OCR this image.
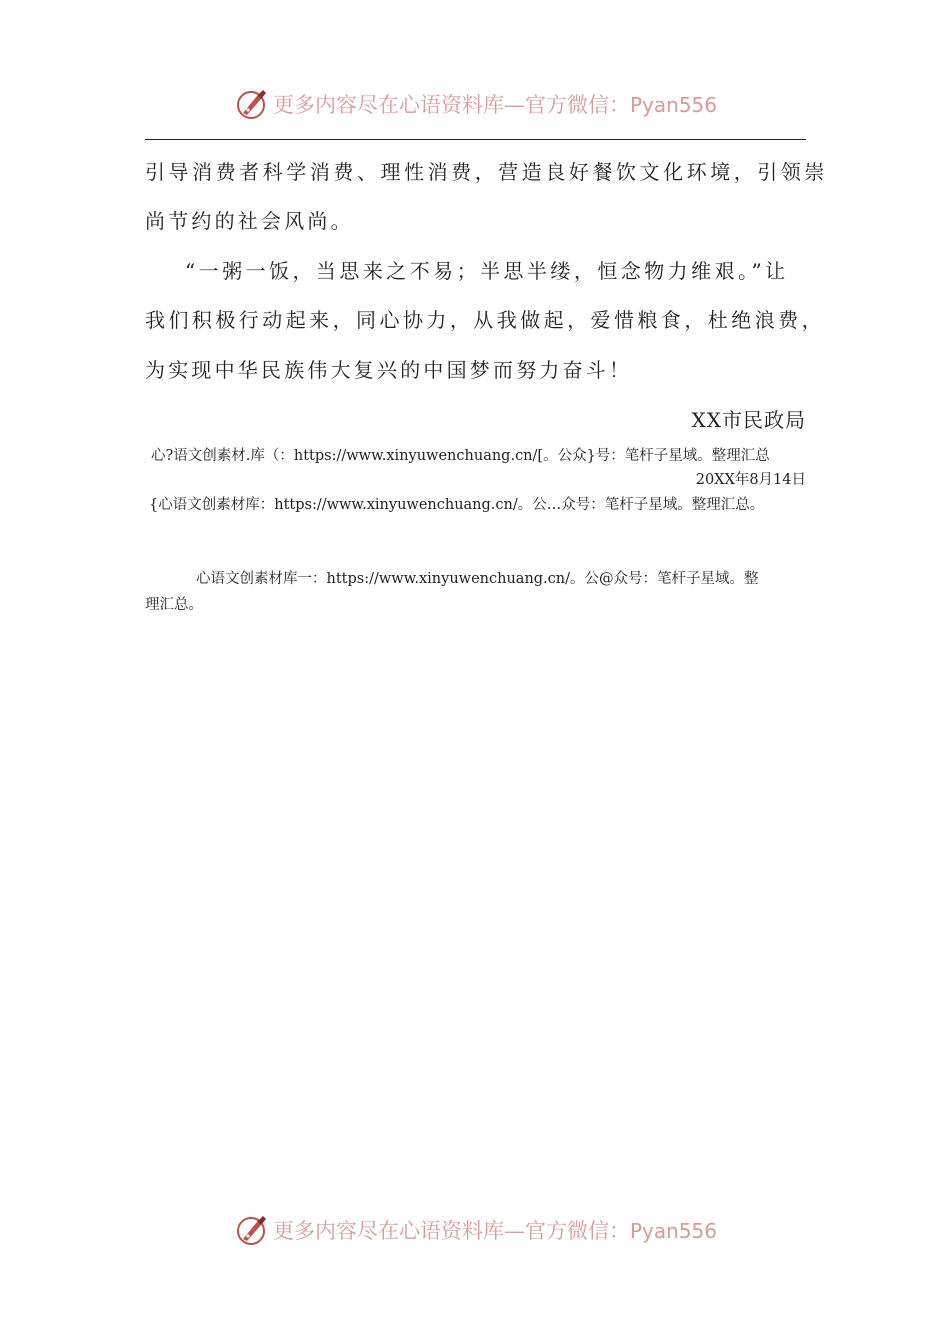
更多内容尽在心语资料库—官方微信：Pyan556
引导消费者科学消费、理性消费，营造良好餐饮文化环境，引领崇
尚节约的社会风尚。
“一粥一饭，当思来之不易；半思半缕，恒念物力维艰。”让
我们积极行动起来，同心协力，从我做起，爱惜粮食，杜绝浪费，
为实现中华民族伟大复兴的中国梦而努力奋斗！
XX市民政局
心?语文创素材.库（：https://www.xinyuwenchuang.cn/[。公众}号：笔杆子星域。整理汇总
20XX年8月14日
{心语文创素材库：https://www.xinyuwenchuang.cn/。公…众号：笔杆子星域。整理汇总。
心语文创素材库一：https://www.xinyuwenchuang.cn/。公@众号：笔杆子星域。整
理汇总。
更多内容尽在心语资料库—官方微信：Pyan556
